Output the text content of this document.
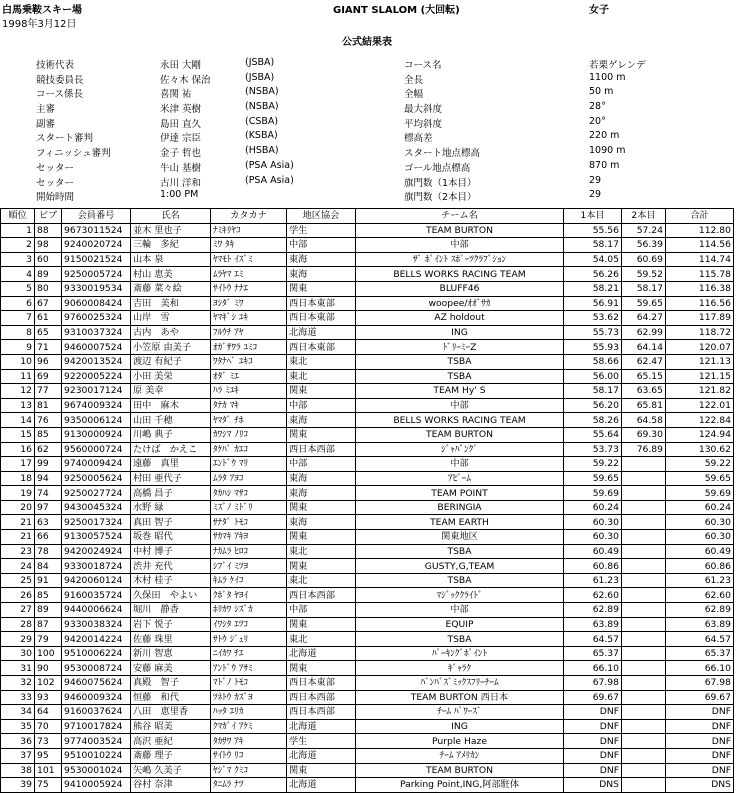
白馬乗鞍スキー場
1998年3月12日
GIANT SLALOM (大回転)	女子
公式結果表
技術代表	永田 大剛	(JSBA)	コース名	若栗ゲレンデ
競技委員長	佐々木 保治	(JSBA)	全長	1100 m
コース係長	喜関 祐	(NSBA)	全幅	50 m
主審	米津 英樹	(NSBA)	最大斜度	28°
副審	島田 直久	(CSBA)	平均斜度	20°
スタート審判	伊達 宗臣	(KSBA)	標高差	220 m
フィニッシュ審判	金子 哲也	(HSBA)	スタート地点標高	1090 m
セッター	牛山 基樹	(PSA Asia)	ゴール地点標高	870 m
セッター	古川 洋和	(PSA Asia)	旗門数（1本目）	29
開始時間	1:00 PM	旗門数（2本目）	29
順位	ビブ	会員番号	氏名	カタカナ	地区協会	チーム名	1本目	2本目	合計
1	88	9673011524	並木 里也子	ﾅﾐｷﾘﾔｺ	学生	TEAM BURTON	55.56	57.24	112.80
2	98	9240020724	三輪　多紀	ﾐﾜ ﾀｷ	中部	中部	58.17	56.39	114.56
3	60	9150021524	山本 泉	ﾔﾏﾓﾄ ｲｽﾞﾐ	東海	ｻﾞ ﾎﾟｲﾝﾄ ｽﾎﾟｰﾂｸﾗﾌﾞｼｮﾝ	54.05	60.69	114.74
4	89	9250005724	村山 恵美	ﾑﾗﾔﾏ ｴﾐ	東海	BELLS WORKS RACING TEAM	56.26	59.52	115.78
5	80	9330019534	斎藤 菜々絵	ｻｲﾄｳ ﾅﾅｴ	関東	BLUFF46	58.21	58.17	116.38
6	67	9060008424	吉田　美和	ﾖｼﾀﾞ ﾐﾜ	西日本東部	woopee/ｵｵﾞｻｶ	56.91	59.65	116.56
7	61	9760025324	山岸　雪	ﾔﾏｷﾞｼ ﾕｷ	西日本東部	AZ holdout	53.62	64.27	117.89
8	65	9310037324	古内　あや	ﾌﾙｳﾁ ｱﾔ	北海道	ING	55.73	62.99	118.72
9	71	9460007524	小笠原 由美子	ｵｶﾞｻﾜﾗ ﾕﾐｺ	西日本東部	ﾄﾞﾘｰﾐｰZ	55.93	64.14	120.07
10	96	9420013524	渡辺 有紀子	ﾜﾀﾅﾍﾞ ﾕｷｺ	東北	TSBA	58.66	62.47	121.13
11	69	9220005224	小田 美栄	ｵﾀﾞ ﾐｴ	東北	TSBA	56.00	65.15	121.15
12	77	9230017124	原 美幸	ﾊﾗ ﾐﾕｷ	関東	TEAM Hy' S	58.17	63.65	121.82
13	81	9674009324	田中　麻木	ﾀﾅｶ ﾏｷ	中部	中部	56.20	65.81	122.01
14	76	9350006124	山田 千穂	ﾔﾏﾀﾞ ﾁﾎ	東海	BELLS WORKS RACING TEAM	58.26	64.58	122.84
15	85	9130000924	川嶋 典子	ｶﾜｼﾏ ﾉﾘｺ	関東	TEAM BURTON	55.64	69.30	124.94
16	62	9560000724	たけば　かえこ	ﾀｹﾊﾞ ｶｴｺ	西日本西部	ｼﾞｬﾊﾞﾝｸﾞ	53.73	76.89	130.62
17	99	9740009424	遠藤　真里	ｴﾝﾄﾞｳ ﾏﾘ	中部	中部	59.22		59.22
18	94	9250005624	村田 亜代子	ﾑﾗﾀ ｱﾖｺ	東海	ｱﾋﾞｰﾑ	59.65		59.65
19	74	9250027724	高橋 昌子	ﾀｶﾊｼ ﾏｻｺ	東海	TEAM POINT	59.69		59.69
20	97	9430045324	水野 緑	ﾐｽﾞﾉ ﾐﾄﾞﾘ	関東	BERINGIA	60.24		60.24
21	63	9250017324	真田 智子	ｻﾅﾀﾞ ﾄﾓｺ	東海	TEAM EARTH	60.30		60.30
21	66	9130057524	坂巻 昭代	ｻｶﾏｷ ｱｷﾖ	関東	関東地区	60.30		60.30
23	78	9420024924	中村 博子	ﾅｶﾑﾗ ﾋﾛｺ	東北	TSBA	60.49		60.49
24	84	9330018724	渋井 充代	ｼﾌﾞｲ ﾐﾂﾖ	関東	GUSTY,G,TEAM	60.86		60.86
25	91	9420060124	木村 桂子	ｷﾑﾗ ｹｲｺ	東北	TSBA	61.23		61.23
26	85	9160035724	久保田　やよい	ｸﾎﾞﾀ ﾔﾖｲ	西日本西部	ﾏｼﾞｯｸｸﾗｲﾄﾞ	62.60		62.60
27	89	9440006624	堀川　静香	ﾎﾘｶﾜ ｼｽﾞｶ	中部	中部	62.89		62.89
28	87	9330038324	岩下 悦子	ｲﾜｼﾀ ｴﾂｺ	関東	EQUIP	63.89		63.89
29	79	9420014224	佐藤 珠里	ｻﾄｳ ｼﾞｭﾘ	東北	TSBA	64.57		64.57
30	100	9510006224	新川 智恵	ﾆｲｶﾜ ﾁｴ	北海道	ﾊﾟｰｷﾝｸﾞﾎﾟｲﾝﾄ	65.37		65.37
31	90	9530008724	安藤 麻美	ｱﾝﾄﾞｳ ｱｻﾐ	関東	ｷﾞｬﾗｸ	66.10		66.10
32	102	9460075624	真殿　智子	ﾏﾄﾞﾉ ﾄﾓｺ	西日本東部	ﾊﾞﾝﾊﾞｽﾞﾐｯｸｽﾌﾘｰﾁｰﾑ	67.98		67.98
33	93	9460009324	恒藤　和代	ﾂﾈﾄｳ ｶｽﾞﾖ	西日本西部	TEAM BURTON 西日本	69.67		69.67
34	64	9160037624	八田　恵里香	ﾊｯﾀ ｴﾘｶ	西日本西部	ﾁｰﾑ ﾊﾟﾜｰｽﾞ	DNF		DNF
35	70	9710017824	熊谷 昭美	ｸﾏｶﾞｲ ｱｹﾐ	北海道	ING	DNF		DNF
36	73	9774003524	高沢 亜紀	ﾀｶｻﾜ ｱｷ	学生	Purple Haze	DNF		DNF
37	95	9510010224	斎藤 理子	ｻｲﾄｳ ﾘｺ	北海道	ﾁｰﾑ ｱﾒﾘｶﾝ	DNF		DNF
38	101	9530001024	矢嶋 久美子	ﾔｼﾞﾏ ｸﾐｺ	関東	TEAM BURTON	DNF		DNF
39	75	9410005924	谷村 奈津	ﾀﾆﾑﾗ ﾅﾂ	北海道	Parking Point,ING,阿部駐体	DNS		DNS
